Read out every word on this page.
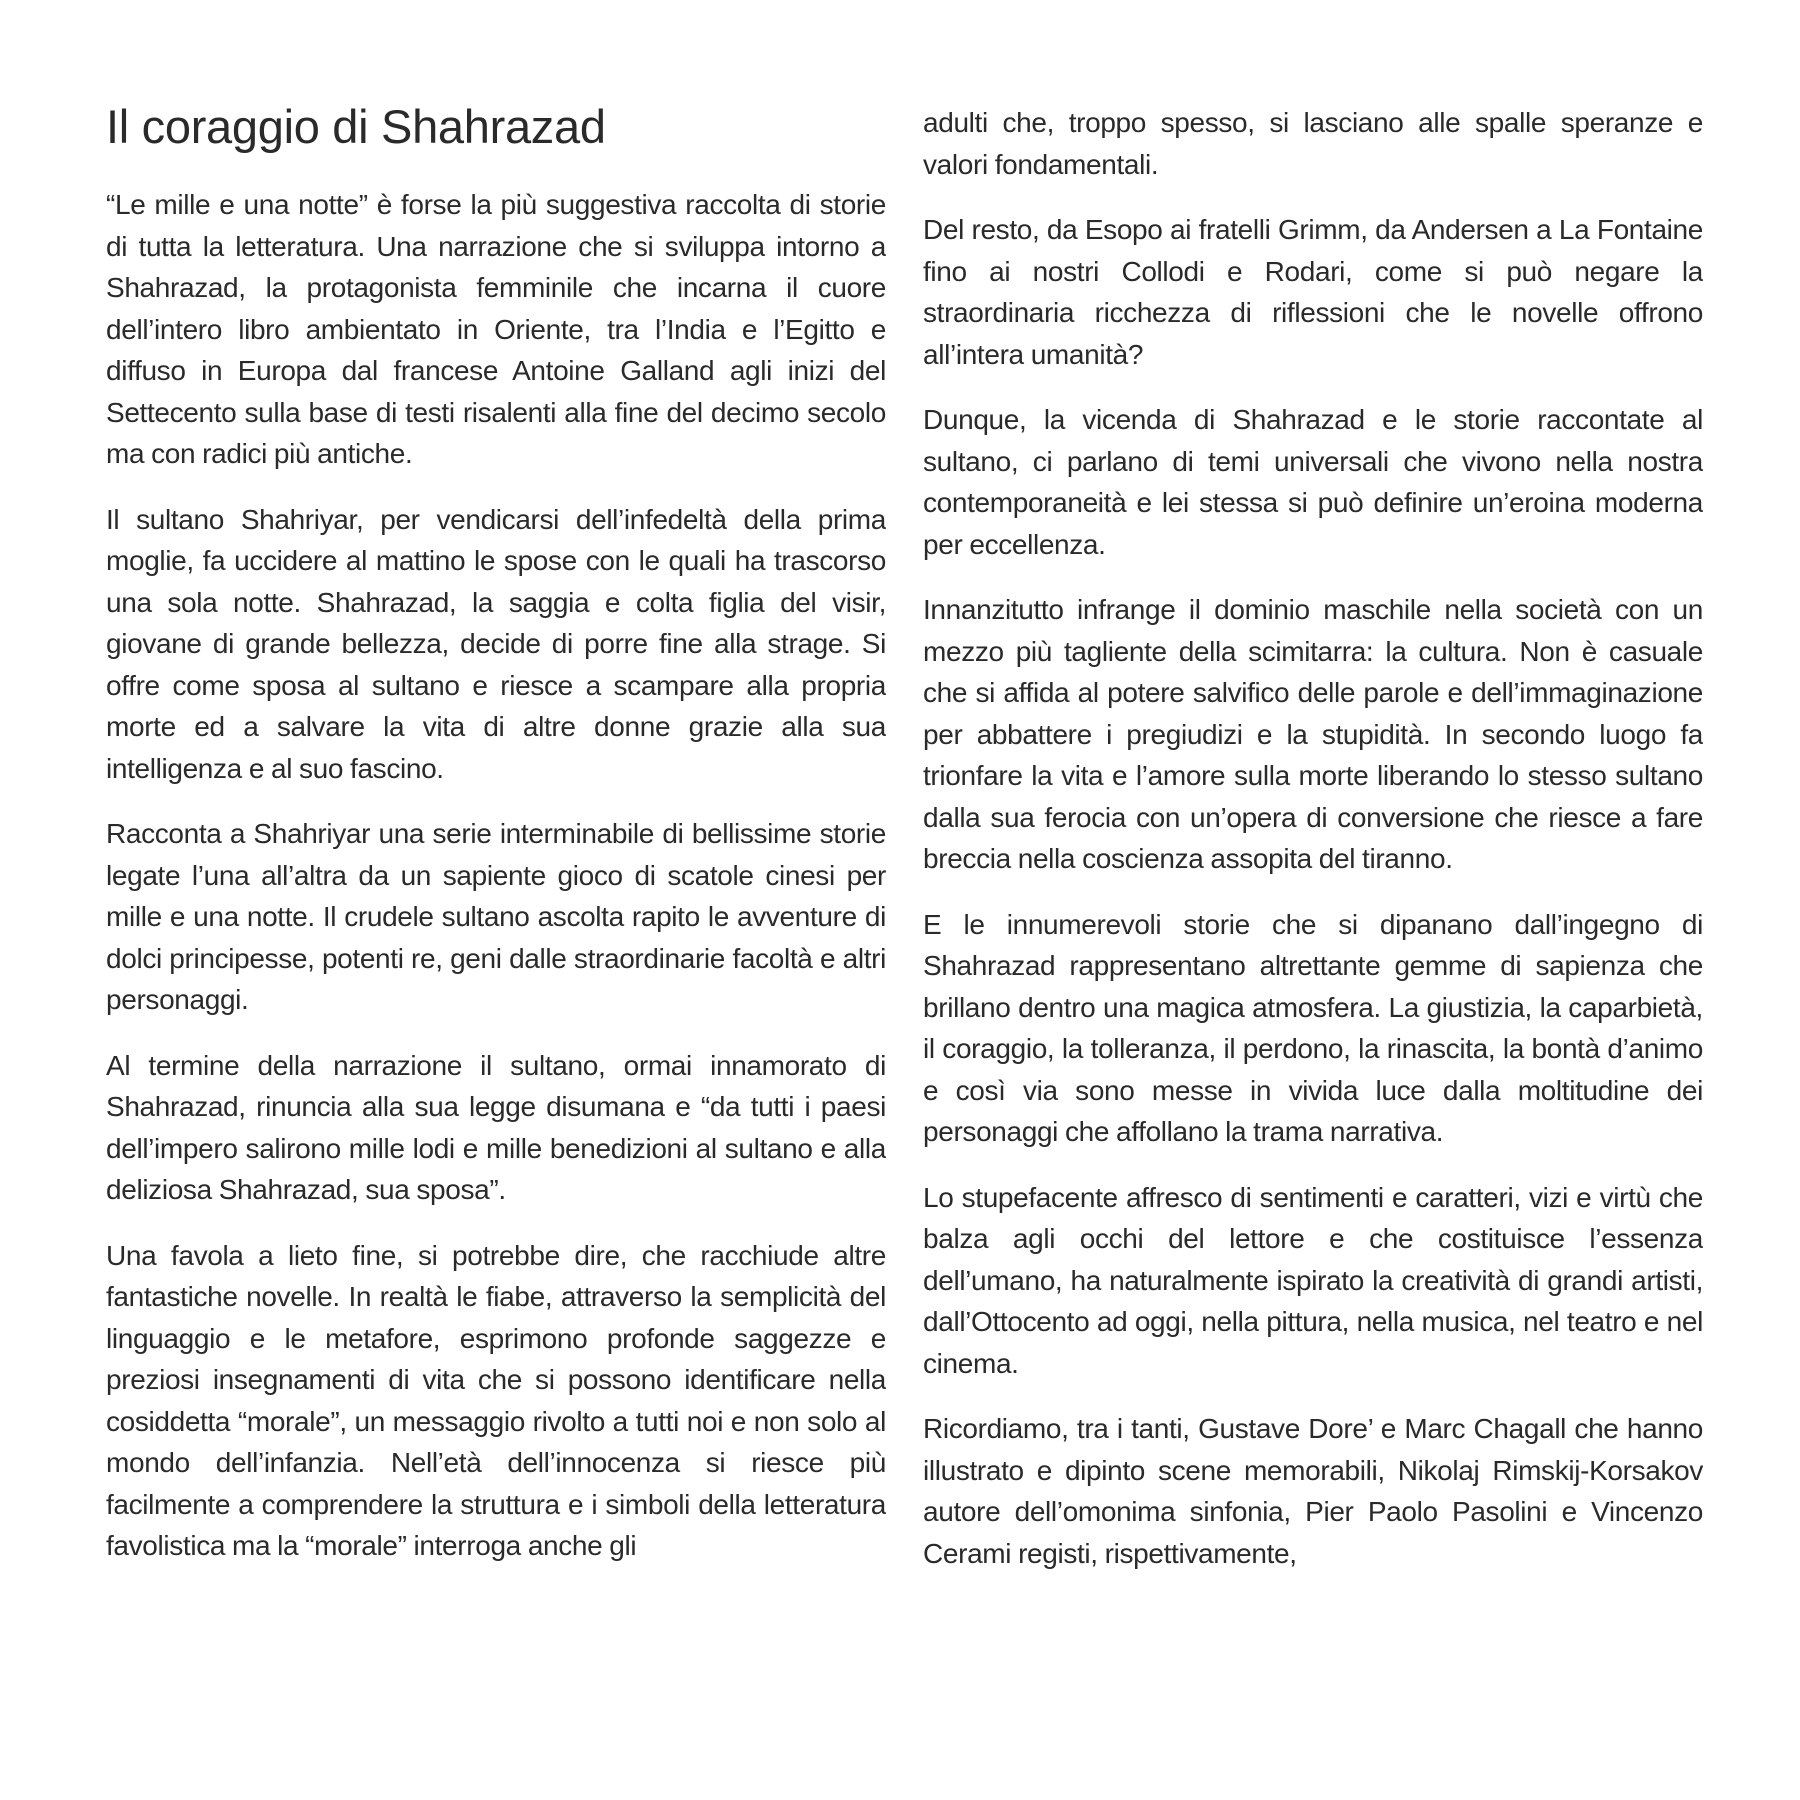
Il coraggio di Shahrazad

“Le mille e una notte” è forse la più suggestiva raccolta di storie di tutta la letteratura. Una narrazione che si sviluppa intorno a Shahrazad, la protagonista femminile che incarna il cuore dell’intero libro ambientato in Oriente, tra l’India e l’Egitto e diffuso in Europa dal francese Antoine Galland agli inizi del Settecento sulla base di testi risalenti alla fine del decimo secolo ma con radici più antiche.

Il sultano Shahriyar, per vendicarsi dell’infedeltà della prima moglie, fa uccidere al mattino le spose con le quali ha trascorso una sola notte. Shahrazad, la saggia e colta figlia del visir, giovane di grande bellezza, decide di porre fine alla strage. Si offre come sposa al sultano e riesce a scampare alla propria morte ed a salvare la vita di altre donne grazie alla sua intelligenza e al suo fascino.

Racconta a Shahriyar una serie interminabile di bellissime storie legate l’una all’altra da un sapiente gioco di scatole cinesi per mille e una notte. Il crudele sultano ascolta rapito le avventure di dolci principesse, potenti re, geni dalle straordinarie facoltà e altri personaggi.

Al termine della narrazione il sultano, ormai innamorato di Shahrazad, rinuncia alla sua legge disumana e “da tutti i paesi dell’impero salirono mille lodi e mille benedizioni al sultano e alla deliziosa Shahrazad, sua sposa”.

Una favola a lieto fine, si potrebbe dire, che racchiude altre fantastiche novelle. In realtà le fiabe, attraverso la semplicità del linguaggio e le metafore, esprimono profonde saggezze e preziosi insegnamenti di vita che si possono identificare nella cosiddetta “morale”, un messaggio rivolto a tutti noi e non solo al mondo dell’infanzia. Nell’età dell’innocenza si riesce più facilmente a comprendere la struttura e i simboli della letteratura favolistica ma la “morale” interroga anche gli

adulti che, troppo spesso, si lasciano alle spalle speranze e valori fondamentali.

Del resto, da Esopo ai fratelli Grimm, da Andersen a La Fontaine fino ai nostri Collodi e Rodari, come si può negare la straordinaria ricchezza di riflessioni che le novelle offrono all’intera umanità?

Dunque, la vicenda di Shahrazad e le storie raccontate al sultano, ci parlano di temi universali che vivono nella nostra contemporaneità e lei stessa si può definire un’eroina moderna per eccellenza.

Innanzitutto infrange il dominio maschile nella società con un mezzo più tagliente della scimitarra: la cultura. Non è casuale che si affida al potere salvifico delle parole e dell’immaginazione per abbattere i pregiudizi e la stupidità. In secondo luogo fa trionfare la vita e l’amore sulla morte liberando lo stesso sultano dalla sua ferocia con un’opera di conversione che riesce a fare breccia nella coscienza assopita del tiranno.

E le innumerevoli storie che si dipanano dall’ingegno di Shahrazad rappresentano altrettante gemme di sapienza che brillano dentro una magica atmosfera. La giustizia, la caparbietà, il coraggio, la tolleranza, il perdono, la rinascita, la bontà d’animo e così via sono messe in vivida luce dalla moltitudine dei personaggi che affollano la trama narrativa.

Lo stupefacente affresco di sentimenti e caratteri, vizi e virtù che balza agli occhi del lettore e che costituisce l’essenza dell’umano, ha naturalmente ispirato la creatività di grandi artisti, dall’Ottocento ad oggi, nella pittura, nella musica, nel teatro e nel cinema.

Ricordiamo, tra i tanti, Gustave Dore’ e Marc Chagall che hanno illustrato e dipinto scene memorabili, Nikolaj Rimskij-Korsakov autore dell’omonima sinfonia, Pier Paolo Pasolini e Vincenzo Cerami registi, rispettivamente,
